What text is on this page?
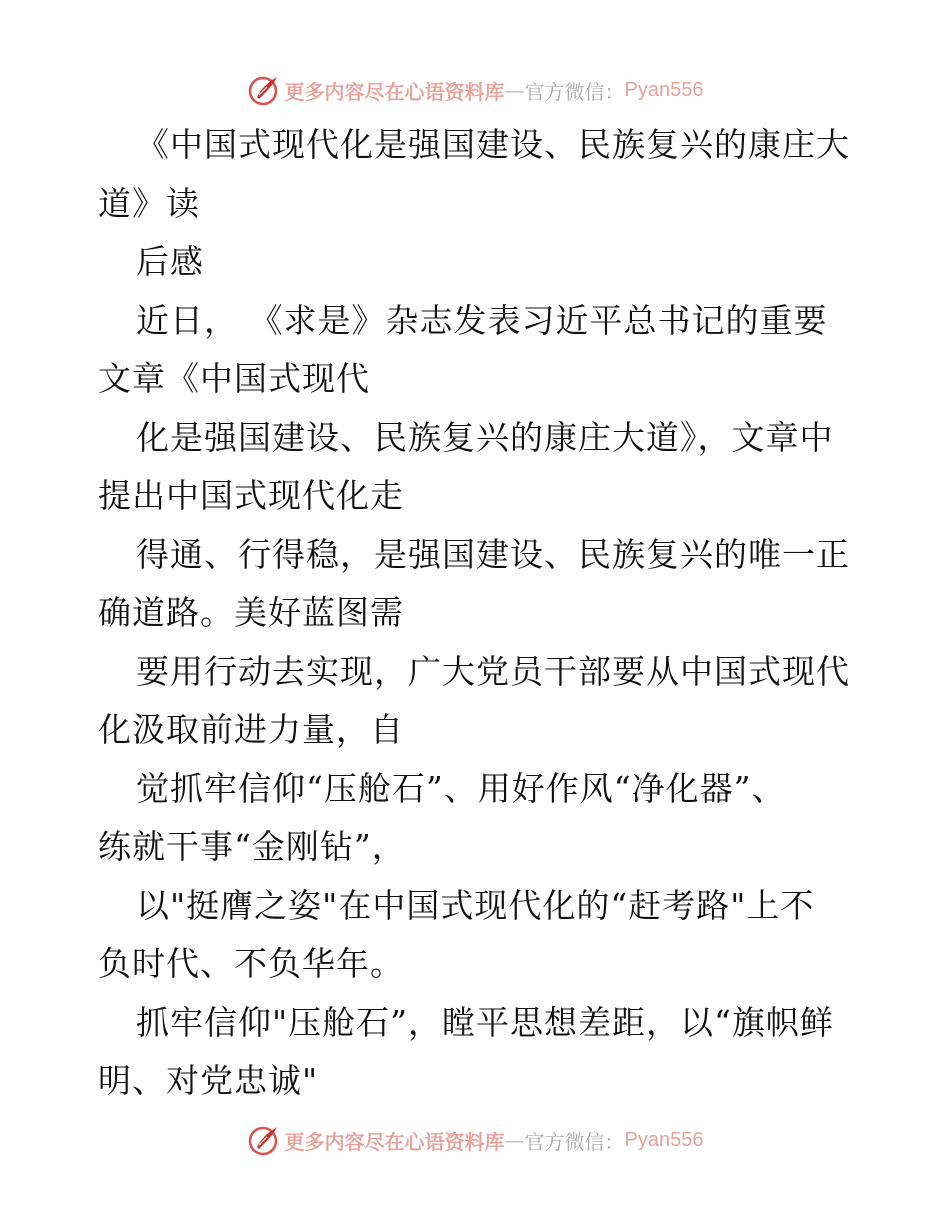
更多内容尽在心语资料库 — 官方微信： Pyan556
《中国式现代化是强国建设、民族复兴的康庄大
道》读
后感
近日， 《求是》杂志发表习近平总书记的重要
文章《中国式现代
化是强国建设、民族复兴的康庄大道》，文章中
提出中国式现代化走
得通、行得稳，是强国建设、民族复兴的唯一正
确道路。美好蓝图需
要用行动去实现，广大党员干部要从中国式现代
化汲取前进力量，自
觉抓牢信仰“压舱石”、用好作风“净化器”、
练就干事“金刚钻”，
以"挺膺之姿"在中国式现代化的“赶考路"上不
负时代、不负华年。
抓牢信仰"压舱石”，瞠平思想差距，以“旗帜鲜
明、对党忠诚"
更多内容尽在心语资料库 — 官方微信： Pyan556
